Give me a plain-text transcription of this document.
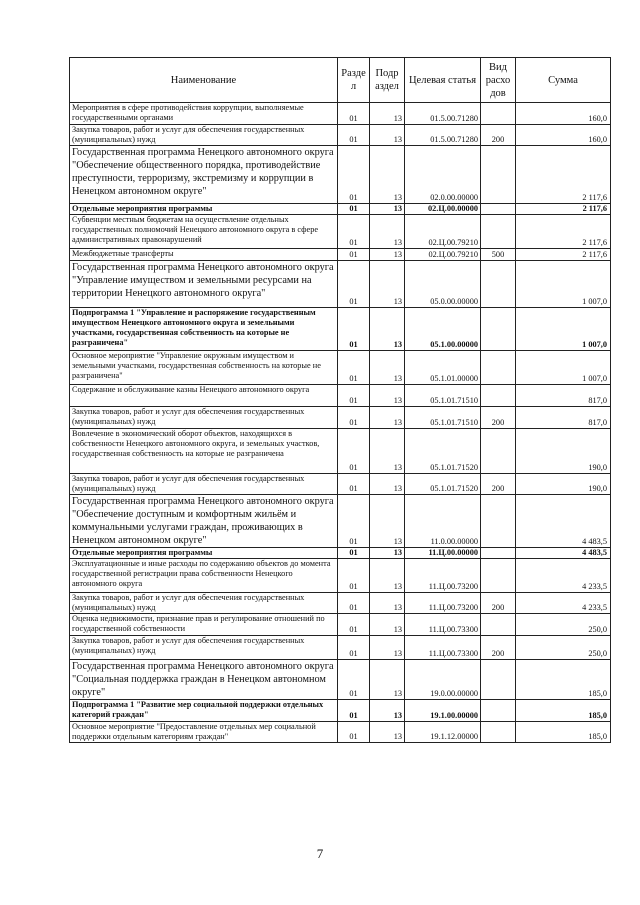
Наименование	Разде л	Подр аздел	Целевая статья	Вид расхо дов	Сумма
Мероприятия в сфере противодействия коррупции, выполняемые государственными органами	01	13	01.5.00.71280		160,0
Закупка товаров, работ и услуг для обеспечения государственных (муниципальных) нужд	01	13	01.5.00.71280	200	160,0
Государственная программа Ненецкого автономного округа "Обеспечение общественного порядка, противодействие преступности, терроризму, экстремизму и коррупции в Ненецком автономном округе"	01	13	02.0.00.00000		2 117,6
Отдельные мероприятия программы	01	13	02.Ц.00.00000		2 117,6
Субвенции местным бюджетам на осуществление отдельных государственных полномочий Ненецкого автономного округа в сфере административных правонарушений	01	13	02.Ц.00.79210		2 117,6
Межбюджетные трансферты	01	13	02.Ц.00.79210	500	2 117,6
Государственная программа Ненецкого автономного округа "Управление имуществом и земельными ресурсами на территории Ненецкого автономного округа"	01	13	05.0.00.00000		1 007,0
Подпрограмма 1 "Управление и распоряжение государственным имуществом Ненецкого автономного округа и земельными участками, государственная собственность на которые не разграничена"	01	13	05.1.00.00000		1 007,0
Основное мероприятие "Управление окружным имуществом и земельными участками, государственная собственность на которые не разграничена"	01	13	05.1.01.00000		1 007,0
Содержание и обслуживание казны Ненецкого автономного округа	01	13	05.1.01.71510		817,0
Закупка товаров, работ и услуг для обеспечения государственных (муниципальных) нужд	01	13	05.1.01.71510	200	817,0
Вовлечение в экономический оборот объектов, находящихся в собственности Ненецкого автономного округа, и земельных участков, государственная собственность на которые не разграничена	01	13	05.1.01.71520		190,0
Закупка товаров, работ и услуг для обеспечения государственных (муниципальных) нужд	01	13	05.1.01.71520	200	190,0
Государственная программа Ненецкого автономного округа "Обеспечение доступным и комфортным жильём и коммунальными услугами граждан, проживающих в Ненецком автономном округе"	01	13	11.0.00.00000		4 483,5
Отдельные мероприятия программы	01	13	11.Ц.00.00000		4 483,5
Эксплуатационные и иные расходы по содержанию объектов до момента государственной регистрации права собственности Ненецкого автономного округа	01	13	11.Ц.00.73200		4 233,5
Закупка товаров, работ и услуг для обеспечения государственных (муниципальных) нужд	01	13	11.Ц.00.73200	200	4 233,5
Оценка недвижимости, признание прав и регулирование отношений по государственной собственности	01	13	11.Ц.00.73300		250,0
Закупка товаров, работ и услуг для обеспечения государственных (муниципальных) нужд	01	13	11.Ц.00.73300	200	250,0
Государственная программа Ненецкого автономного округа "Социальная поддержка граждан в Ненецком автономном округе"	01	13	19.0.00.00000		185,0
Подпрограмма 1 "Развитие мер социальной поддержки отдельных категорий граждан"	01	13	19.1.00.00000		185,0
Основное мероприятие "Предоставление отдельных мер социальной поддержки отдельным категориям граждан"	01	13	19.1.12.00000		185,0
7
